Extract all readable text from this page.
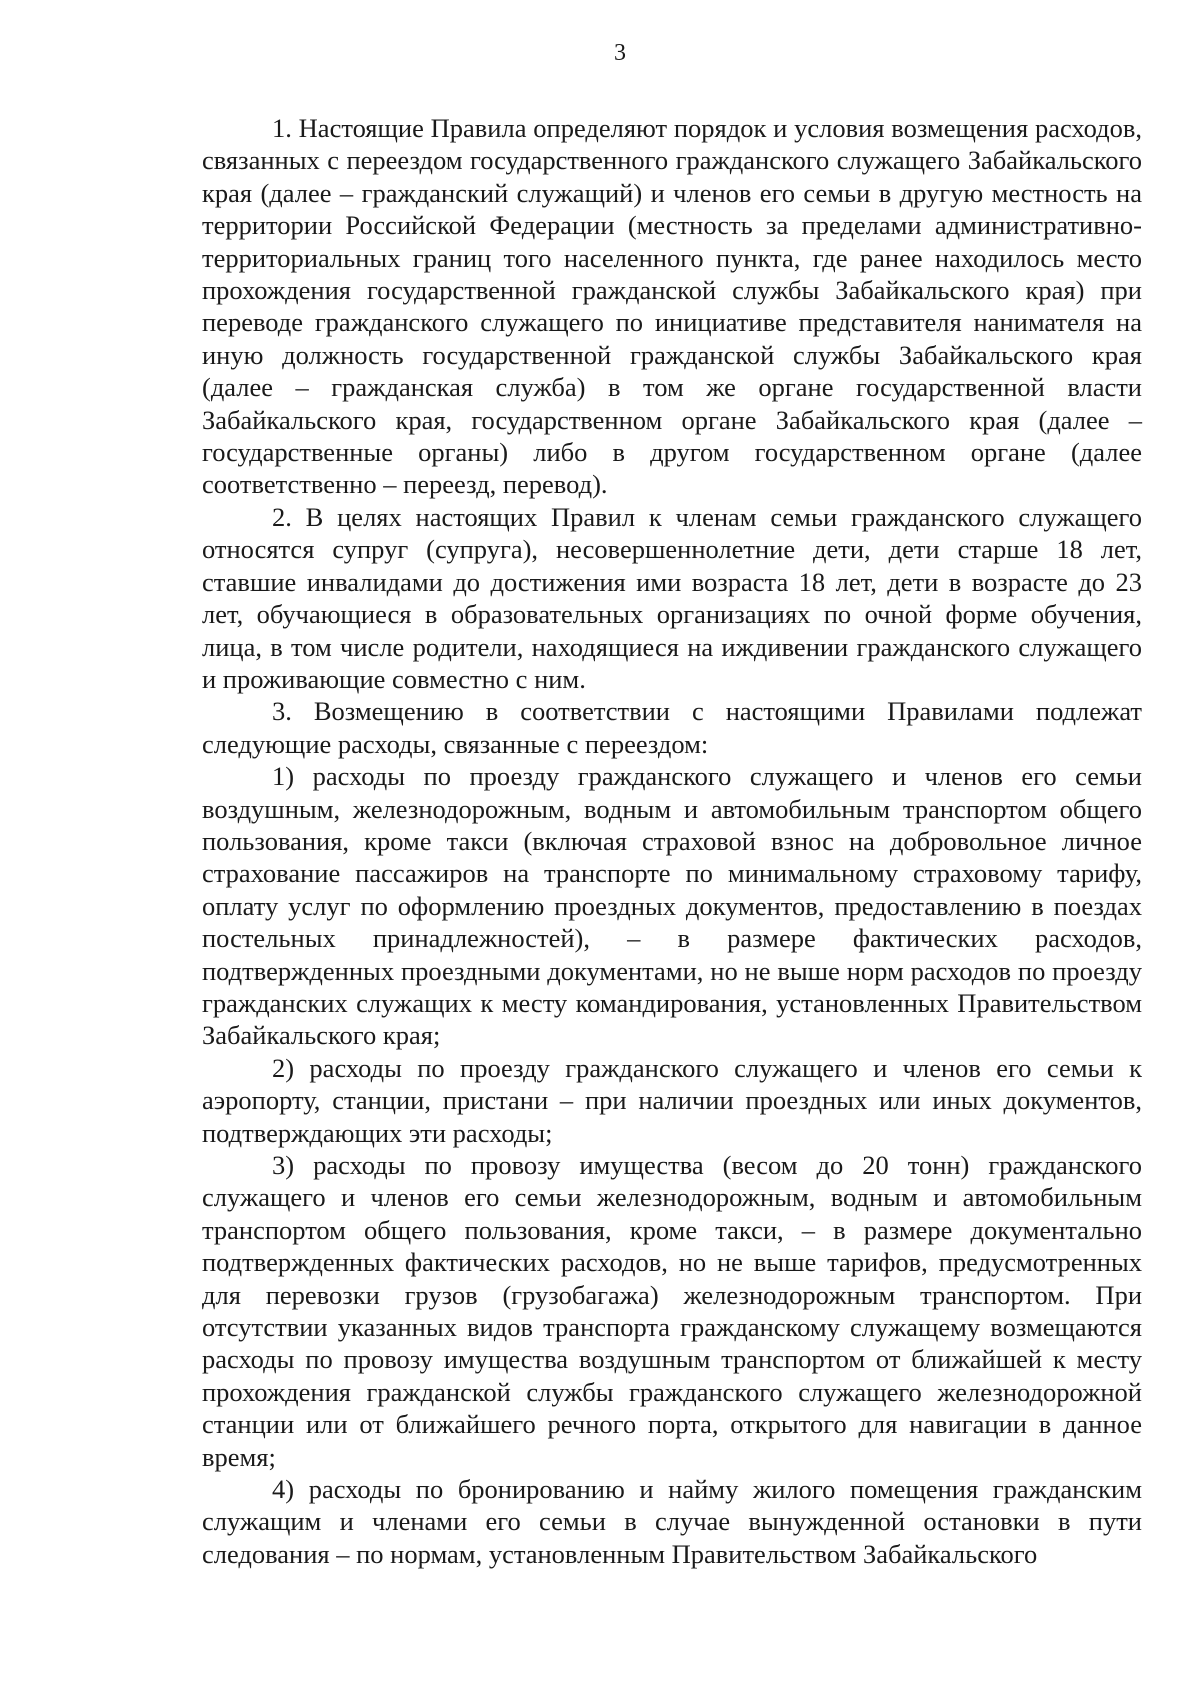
3

1. Настоящие Правила определяют порядок и условия возмещения расходов, связанных с переездом государственного гражданского служащего Забайкальского края (далее – гражданский служащий) и членов его семьи в другую местность на территории Российской Федерации (местность за пределами административно-территориальных границ того населенного пункта, где ранее находилось место прохождения государственной гражданской службы Забайкальского края) при переводе гражданского служащего по инициативе представителя нанимателя на иную должность государственной гражданской службы Забайкальского края (далее – гражданская служба) в том же органе государственной власти Забайкальского края, государственном органе Забайкальского края (далее – государственные органы) либо в другом государственном органе (далее соответственно – переезд, перевод).

2. В целях настоящих Правил к членам семьи гражданского служащего относятся супруг (супруга), несовершеннолетние дети, дети старше 18 лет, ставшие инвалидами до достижения ими возраста 18 лет, дети в возрасте до 23 лет, обучающиеся в образовательных организациях по очной форме обучения, лица, в том числе родители, находящиеся на иждивении гражданского служащего и проживающие совместно с ним.

3. Возмещению в соответствии с настоящими Правилами подлежат следующие расходы, связанные с переездом:

1) расходы по проезду гражданского служащего и членов его семьи воздушным, железнодорожным, водным и автомобильным транспортом общего пользования, кроме такси (включая страховой взнос на добровольное личное страхование пассажиров на транспорте по минимальному страховому тарифу, оплату услуг по оформлению проездных документов, предоставлению в поездах постельных принадлежностей), – в размере фактических расходов, подтвержденных проездными документами, но не выше норм расходов по проезду гражданских служащих к месту командирования, установленных Правительством Забайкальского края;

2) расходы по проезду гражданского служащего и членов его семьи к аэропорту, станции, пристани – при наличии проездных или иных документов, подтверждающих эти расходы;

3) расходы по провозу имущества (весом до 20 тонн) гражданского служащего и членов его семьи железнодорожным, водным и автомобильным транспортом общего пользования, кроме такси, – в размере документально подтвержденных фактических расходов, но не выше тарифов, предусмотренных для перевозки грузов (грузобагажа) железнодорожным транспортом. При отсутствии указанных видов транспорта гражданскому служащему возмещаются расходы по провозу имущества воздушным транспортом от ближайшей к месту прохождения гражданской службы гражданского служащего железнодорожной станции или от ближайшего речного порта, открытого для навигации в данное время;

4) расходы по бронированию и найму жилого помещения гражданским служащим и членами его семьи в случае вынужденной остановки в пути следования – по нормам, установленным Правительством Забайкальского
